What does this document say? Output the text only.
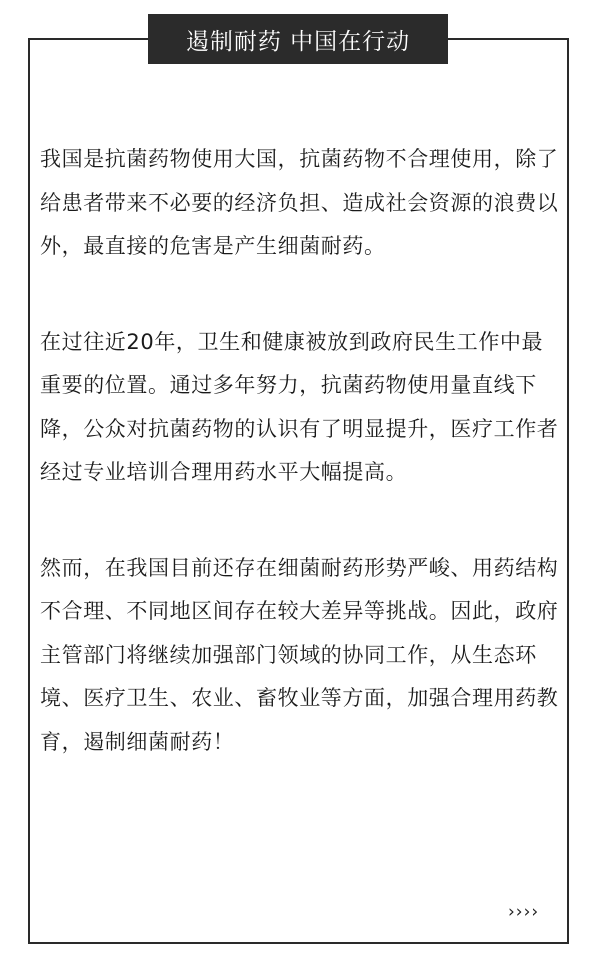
遏制耐药 中国在行动

我国是抗菌药物使用大国，抗菌药物不合理使用，除了给患者带来不必要的经济负担、造成社会资源的浪费以外，最直接的危害是产生细菌耐药。

在过往近20年，卫生和健康被放到政府民生工作中最重要的位置。通过多年努力，抗菌药物使用量直线下降，公众对抗菌药物的认识有了明显提升，医疗工作者经过专业培训合理用药水平大幅提高。

然而，在我国目前还存在细菌耐药形势严峻、用药结构不合理、不同地区间存在较大差异等挑战。因此，政府主管部门将继续加强部门领域的协同工作，从生态环境、医疗卫生、农业、畜牧业等方面，加强合理用药教育，遏制细菌耐药！

››››
